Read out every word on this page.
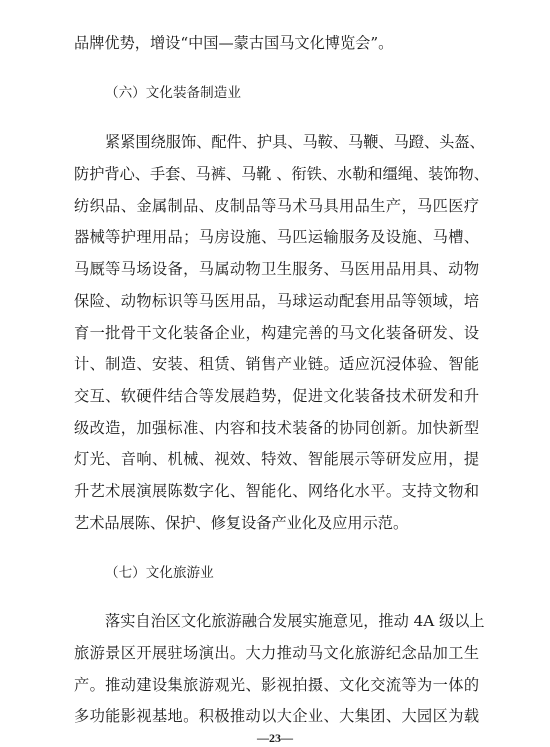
品牌优势，增设“中国—蒙古国马文化博览会”。
（六）文化装备制造业
紧紧围绕服饰、配件、护具、马鞍、马鞭、马蹬、头盔、
防护背心、手套、马裤、马靴 、衔铁、水勒和缰绳、装饰物、
纺织品、金属制品、皮制品等马术马具用品生产，马匹医疗
器械等护理用品；马房设施、马匹运输服务及设施、马槽、
马厩等马场设备，马属动物卫生服务、马医用品用具、动物
保险、动物标识等马医用品，马球运动配套用品等领域，培
育一批骨干文化装备企业，构建完善的马文化装备研发、设
计、制造、安装、租赁、销售产业链。适应沉浸体验、智能
交互、软硬件结合等发展趋势，促进文化装备技术研发和升
级改造，加强标准、内容和技术装备的协同创新。加快新型
灯光、音响、机械、视效、特效、智能展示等研发应用，提
升艺术展演展陈数字化、智能化、网络化水平。支持文物和
艺术品展陈、保护、修复设备产业化及应用示范。
（七）文化旅游业
落实自治区文化旅游融合发展实施意见，推动 4A 级以上
旅游景区开展驻场演出。大力推动马文化旅游纪念品加工生
产。推动建设集旅游观光、影视拍摄、文化交流等为一体的
多功能影视基地。积极推动以大企业、大集团、大园区为载
—23—
